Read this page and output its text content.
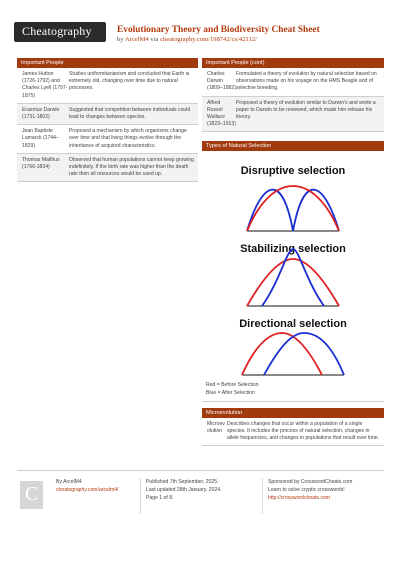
Cheatography	Evolutionary Theory and Biodiversity Cheat Sheet
by ArcelM4 via cheatography.com/198742/cs/42112/
Important People
James Hutton (1726-1792) and Charles Lyell (1797-1875)
Studies uniformitarianism and concluded that Earth is extremely old, changing over time due to natural processes.
Erasmus Darwin (1731-1802)
Suggested that competition between individuals could lead to changes between species.
Jean Baptiste Lamarck (1744–1829)
Proposed a mechanism by which organisms change over time and that living things evolve through the inheritance of acquired characteristics.
Thomas Malthus (1766-1834)
Observed that human populations cannot keep growing indefinitely. If the birth rate was higher than the death rate then all resources would be used up.
Important People (cont)
Charles Darwin (1809–1882)
Formulated a theory of evolution by natural selection based on observations made on his voyage on the HMS Beagle and of selective breeding.
Alfred Russel Wallace (1823–1913)
Proposed a theory of evolution similar to Darwin's and wrote a paper to Darwin to be reviewed, which made him release his theory.
Types of Natural Selection
Disruptive selection
Stabilizing selection
Directional selection
Red = Before Selection
Blue = After Selection
Microevolution
Microevolution
Describes changes that occur within a population of a single species. It includes the process of natural selection, changes in allele frequencies, and changes in populations that result over time.
C
By ArcelM4
cheatography.com/arcelm4/
Published 7th September, 2025.
Last updated 28th January, 2024.
Page 1 of 8.
Sponsored by CrosswordCheats.com
Learn to solve cryptic crosswords!
http://crosswordcheats.com
